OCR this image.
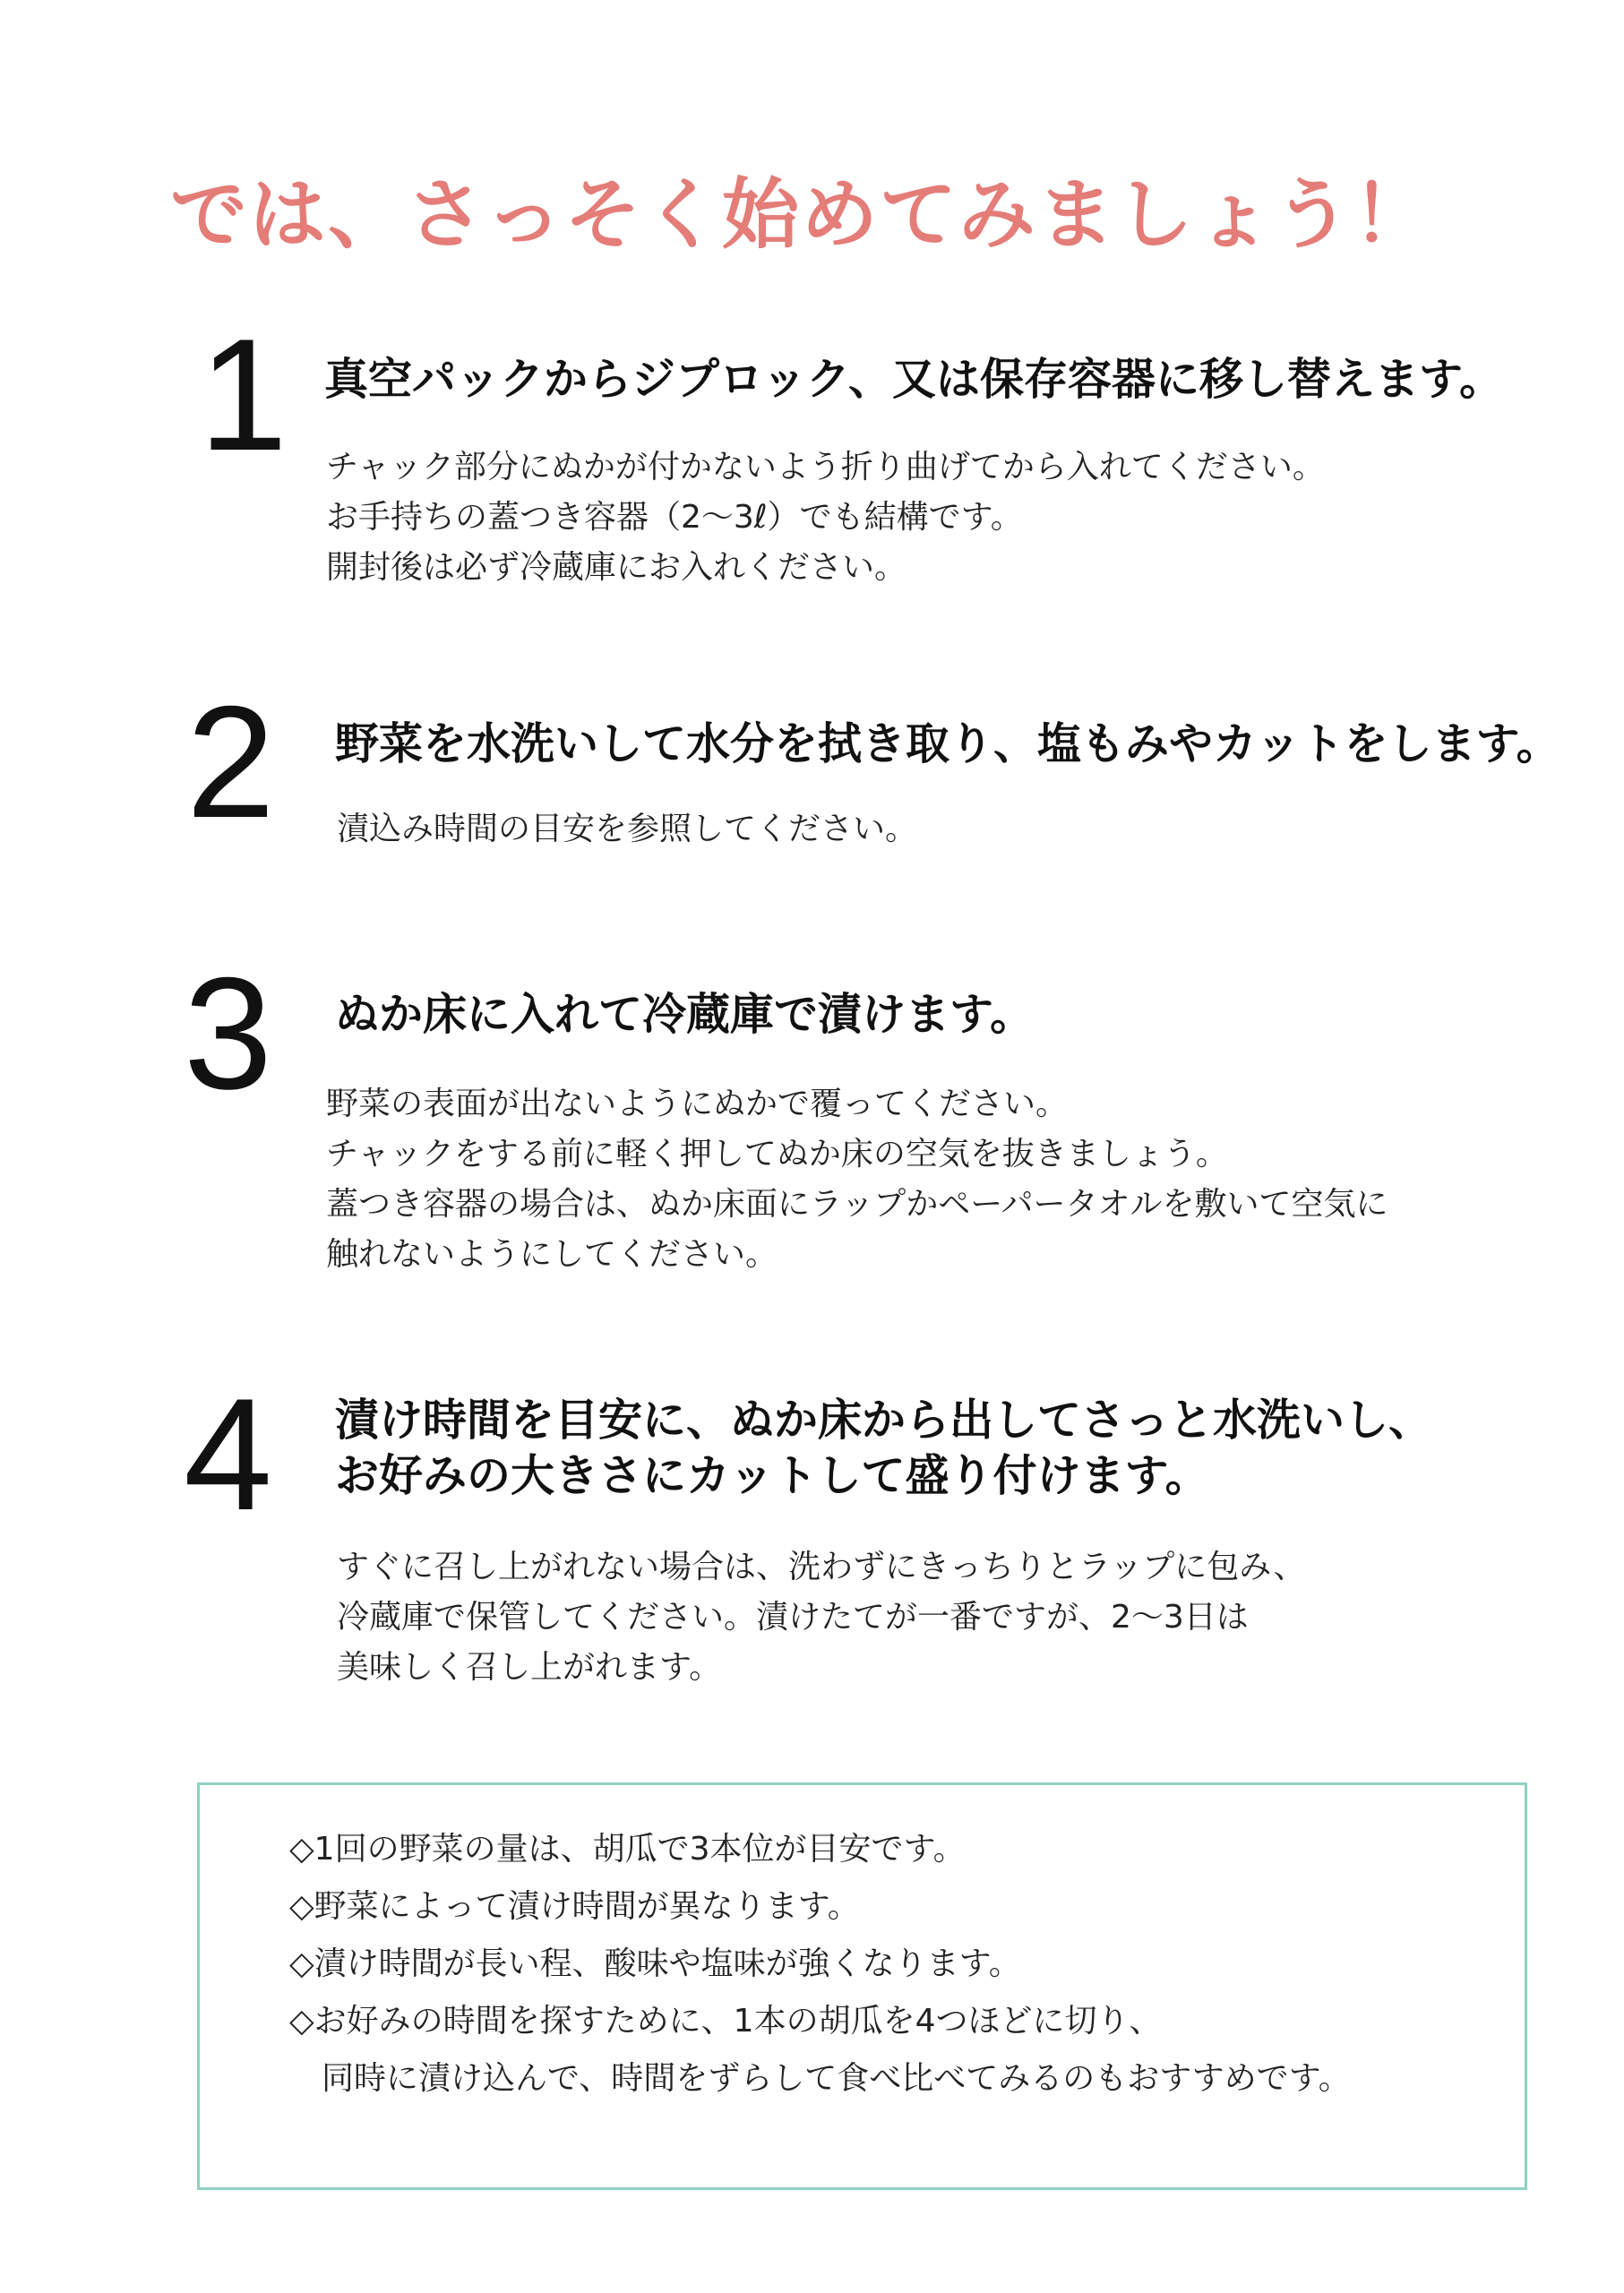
では、さっそく始めてみましょう！
1 真空パックからジプロック、又は保存容器に移し替えます。
チャック部分にぬかが付かないよう折り曲げてから入れてください。
お手持ちの蓋つき容器（2〜3ℓ）でも結構です。
開封後は必ず冷蔵庫にお入れください。
2 野菜を水洗いして水分を拭き取り、塩もみやカットをします。
漬込み時間の目安を参照してください。
3 ぬか床に入れて冷蔵庫で漬けます。
野菜の表面が出ないようにぬかで覆ってください。
チャックをする前に軽く押してぬか床の空気を抜きましょう。
蓋つき容器の場合は、ぬか床面にラップかペーパータオルを敷いて空気に
触れないようにしてください。
4 漬け時間を目安に、ぬか床から出してさっと水洗いし、
お好みの大きさにカットして盛り付けます。
すぐに召し上がれない場合は、洗わずにきっちりとラップに包み、
冷蔵庫で保管してください。漬けたてが一番ですが、2〜3日は
美味しく召し上がれます。
◇1回の野菜の量は、胡瓜で3本位が目安です。
◇野菜によって漬け時間が異なります。
◇漬け時間が長い程、酸味や塩味が強くなります。
◇お好みの時間を探すために、1本の胡瓜を4つほどに切り、
　同時に漬け込んで、時間をずらして食べ比べてみるのもおすすめです。
